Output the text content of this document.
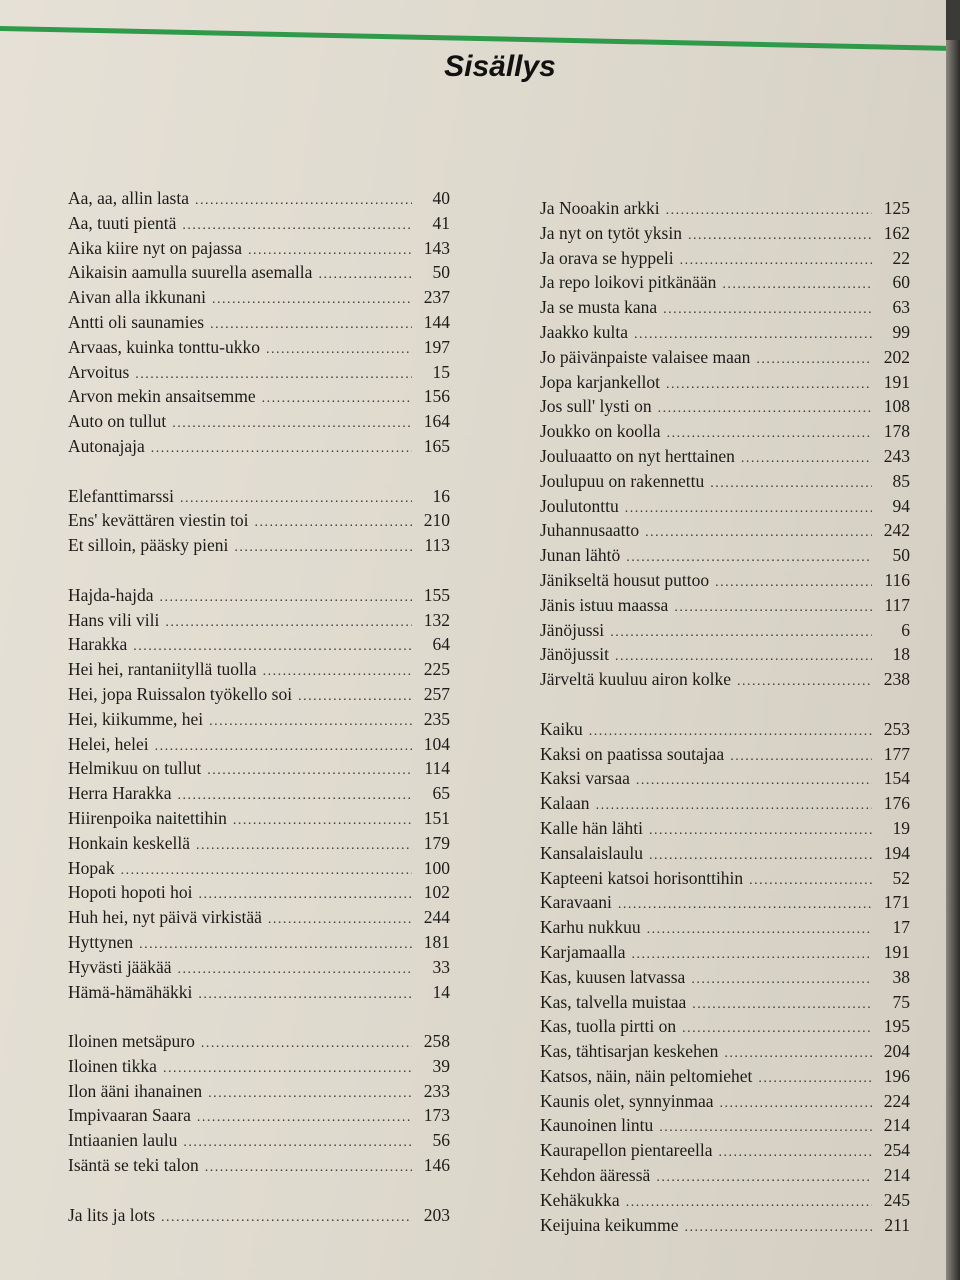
Sisällys
Aa, aa, allin lasta .....	40
Aa, tuuti pientä .....	41
Aika kiire nyt on pajassa .....	143
Aikaisin aamulla suurella asemalla .....	50
Aivan alla ikkunani .....	237
Antti oli saunamies .....	144
Arvaas, kuinka tonttu-ukko .....	197
Arvoitus .....	15
Arvon mekin ansaitsemme .....	156
Auto on tullut .....	164
Autonajaja .....	165
Elefanttimarssi .....	16
Ens' kevättären viestin toi .....	210
Et silloin, pääsky pieni .....	113
Hajda-hajda .....	155
Hans vili vili .....	132
Harakka .....	64
Hei hei, rantaniityllä tuolla .....	225
Hei, jopa Ruissalon työkello soi .....	257
Hei, kiikumme, hei .....	235
Helei, helei .....	104
Helmikuu on tullut .....	114
Herra Harakka .....	65
Hiirenpoika naitettihin .....	151
Honkain keskellä .....	179
Hopak .....	100
Hopoti hopoti hoi .....	102
Huh hei, nyt päivä virkistää .....	244
Hyttynen .....	181
Hyvästi jääkää .....	33
Hämä-hämähäkki .....	14
Iloinen metsäpuro .....	258
Iloinen tikka .....	39
Ilon ääni ihanainen .....	233
Impivaaran Saara .....	173
Intiaanien laulu .....	56
Isäntä se teki talon .....	146
Ja lits ja lots .....	203
Ja Nooakin arkki .....	125
Ja nyt on tytöt yksin .....	162
Ja orava se hyppeli .....	22
Ja repo loikovi pitkänään .....	60
Ja se musta kana .....	63
Jaakko kulta .....	99
Jo päivänpaiste valaisee maan .....	202
Jopa karjankellot .....	191
Jos sull' lysti on .....	108
Joukko on koolla .....	178
Jouluaatto on nyt herttainen .....	243
Joulupuu on rakennettu .....	85
Joulutonttu .....	94
Juhannusaatto .....	242
Junan lähtö .....	50
Jänikseltä housut puttoo .....	116
Jänis istuu maassa .....	117
Jänöjussi .....	6
Jänöjussit .....	18
Järveltä kuuluu airon kolke .....	238
Kaiku .....	253
Kaksi on paatissa soutajaa .....	177
Kaksi varsaa .....	154
Kalaan .....	176
Kalle hän lähti .....	19
Kansalaislaulu .....	194
Kapteeni katsoi horisonttihin .....	52
Karavaani .....	171
Karhu nukkuu .....	17
Karjamaalla .....	191
Kas, kuusen latvassa .....	38
Kas, talvella muistaa .....	75
Kas, tuolla pirtti on .....	195
Kas, tähtisarjan keskehen .....	204
Katsos, näin, näin peltomiehet .....	196
Kaunis olet, synnyinmaa .....	224
Kaunoinen lintu .....	214
Kaurapellon pientareella .....	254
Kehdon ääressä .....	214
Kehäkukka .....	245
Keijuina keikumme .....	211
